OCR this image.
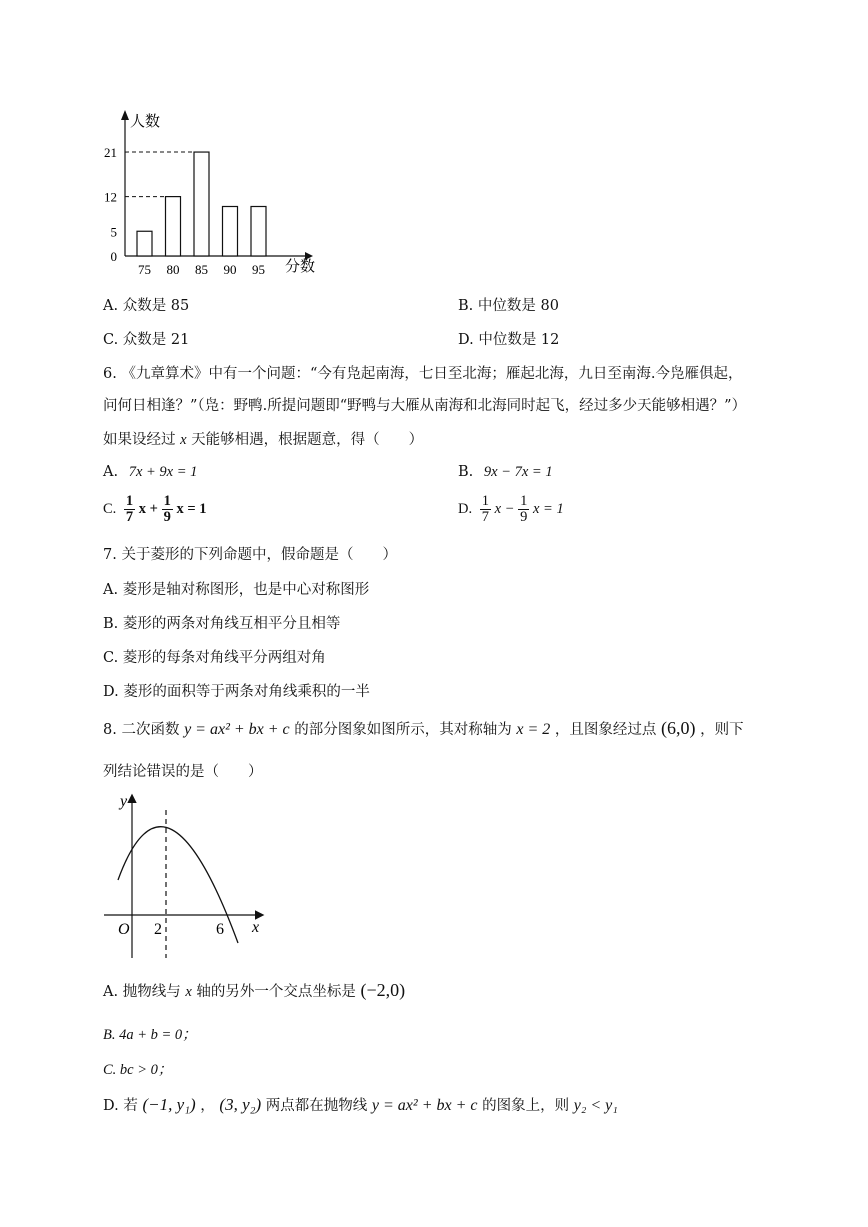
人数
分数
0
5
12
21
75 80 85 90 95
A. 众数是 85	B. 中位数是 80
C. 众数是 21	D. 中位数是 12
6. 《九章算术》中有一个问题：“今有凫起南海，七日至北海；雁起北海，九日至南海.今凫雁俱起，
问何日相逢？”（凫：野鸭.所提问题即“野鸭与大雁从南海和北海同时起飞，经过多少天能够相遇？”）
如果设经过 x 天能够相遇，根据题意，得（　　）
A. 7x + 9x = 1	B. 9x − 7x = 1
C. $\frac{1}{7}$ $x + \frac{1}{9}$ x = 1	D. $\frac{1}{7}$ $x - \frac{1}{9}$ x = 1
7. 关于菱形的下列命题中，假命题是（　　）
A. 菱形是轴对称图形，也是中心对称图形
B. 菱形的两条对角线互相平分且相等
C. 菱形的每条对角线平分两组对角
D. 菱形的面积等于两条对角线乘积的一半
8. 二次函数 y = ax² + bx + c 的部分图象如图所示，其对称轴为 x = 2 ，且图象经过点 (6,0) ，则下
列结论错误的是（　　）
y
x
O 2	6
A. 抛物线与 x 轴的另外一个交点坐标是 (−2,0)
B. 4a + b = 0；
C. bc > 0；
D. 若 (−1, y₁) ， (3, y₂) 两点都在抛物线 y = ax² + bx + c 的图象上，则 y₂ < y₁
